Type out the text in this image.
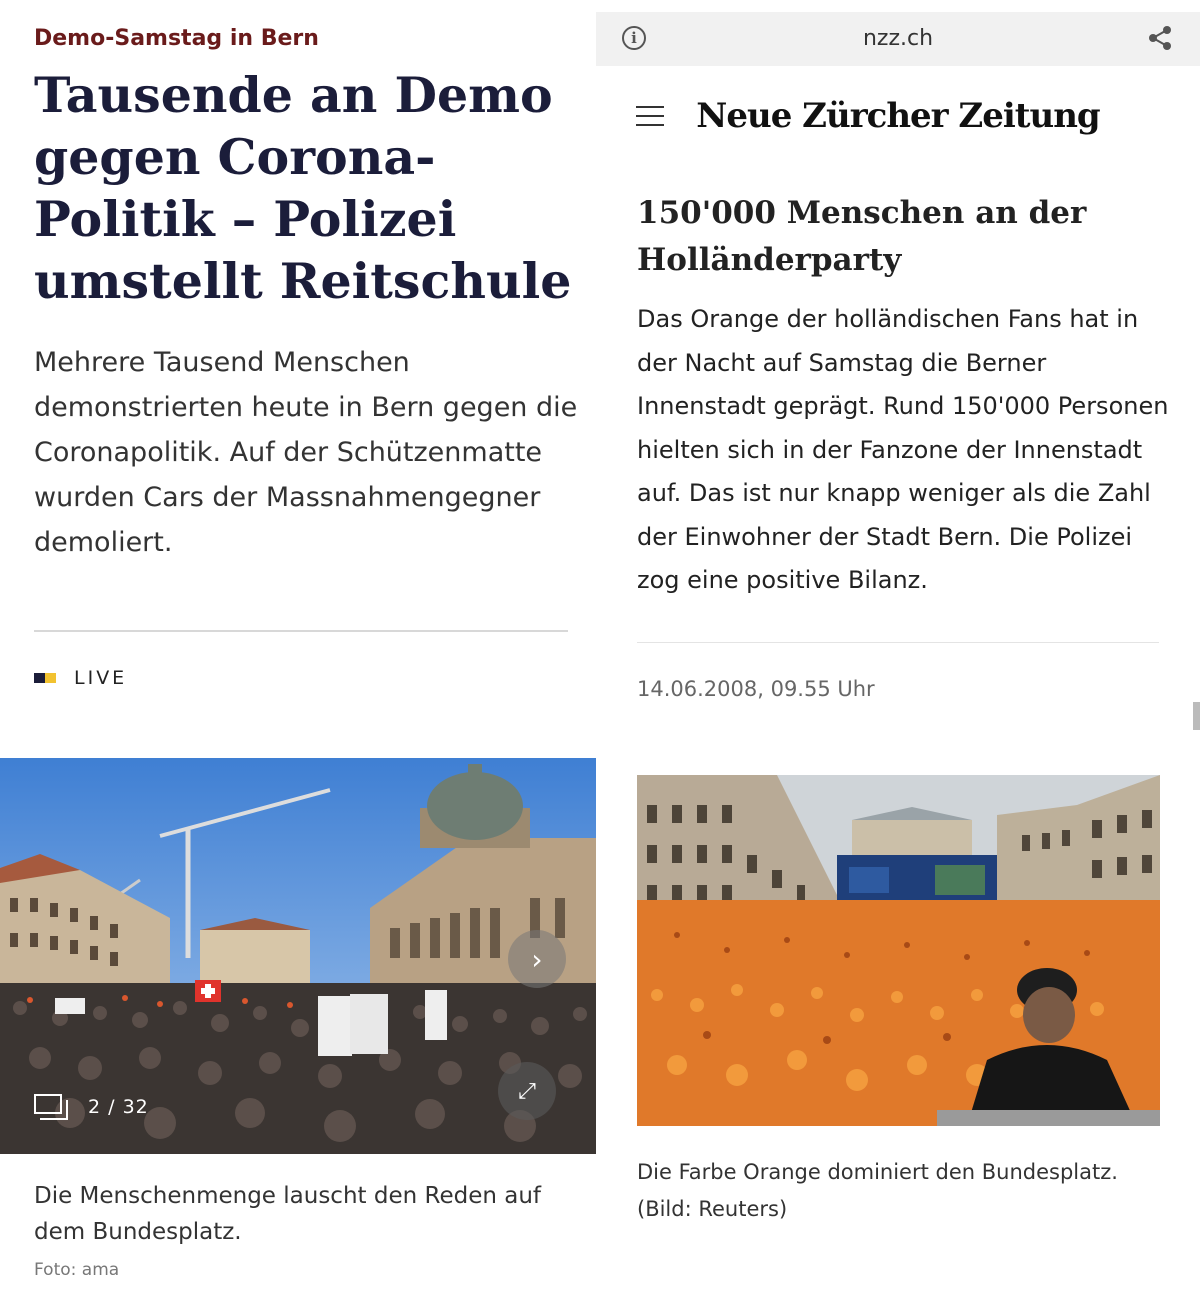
Demo-Samstag in Bern
Tausende an Demo gegen Corona-Politik – Polizei umstellt Reitschule

Mehrere Tausend Menschen demonstrierten heute in Bern gegen die Coronapolitik. Auf der Schützenmatte wurden Cars der Massnahmengegner demoliert.

LIVE
›
⤢
2 / 32

Die Menschenmenge lauscht den Reden auf dem Bundesplatz.

Foto: ama
i	nzz.ch
Neue Zürcher Zeitung
150'000 Menschen an der Holländerparty

Das Orange der holländischen Fans hat in der Nacht auf Samstag die Berner Innenstadt geprägt. Rund 150'000 Personen hielten sich in der Fanzone der Innenstadt auf. Das ist nur knapp weniger als die Zahl der Einwohner der Stadt Bern. Die Polizei zog eine positive Bilanz.

14.06.2008, 09.55 Uhr

Die Farbe Orange dominiert den Bundesplatz. (Bild: Reuters)
